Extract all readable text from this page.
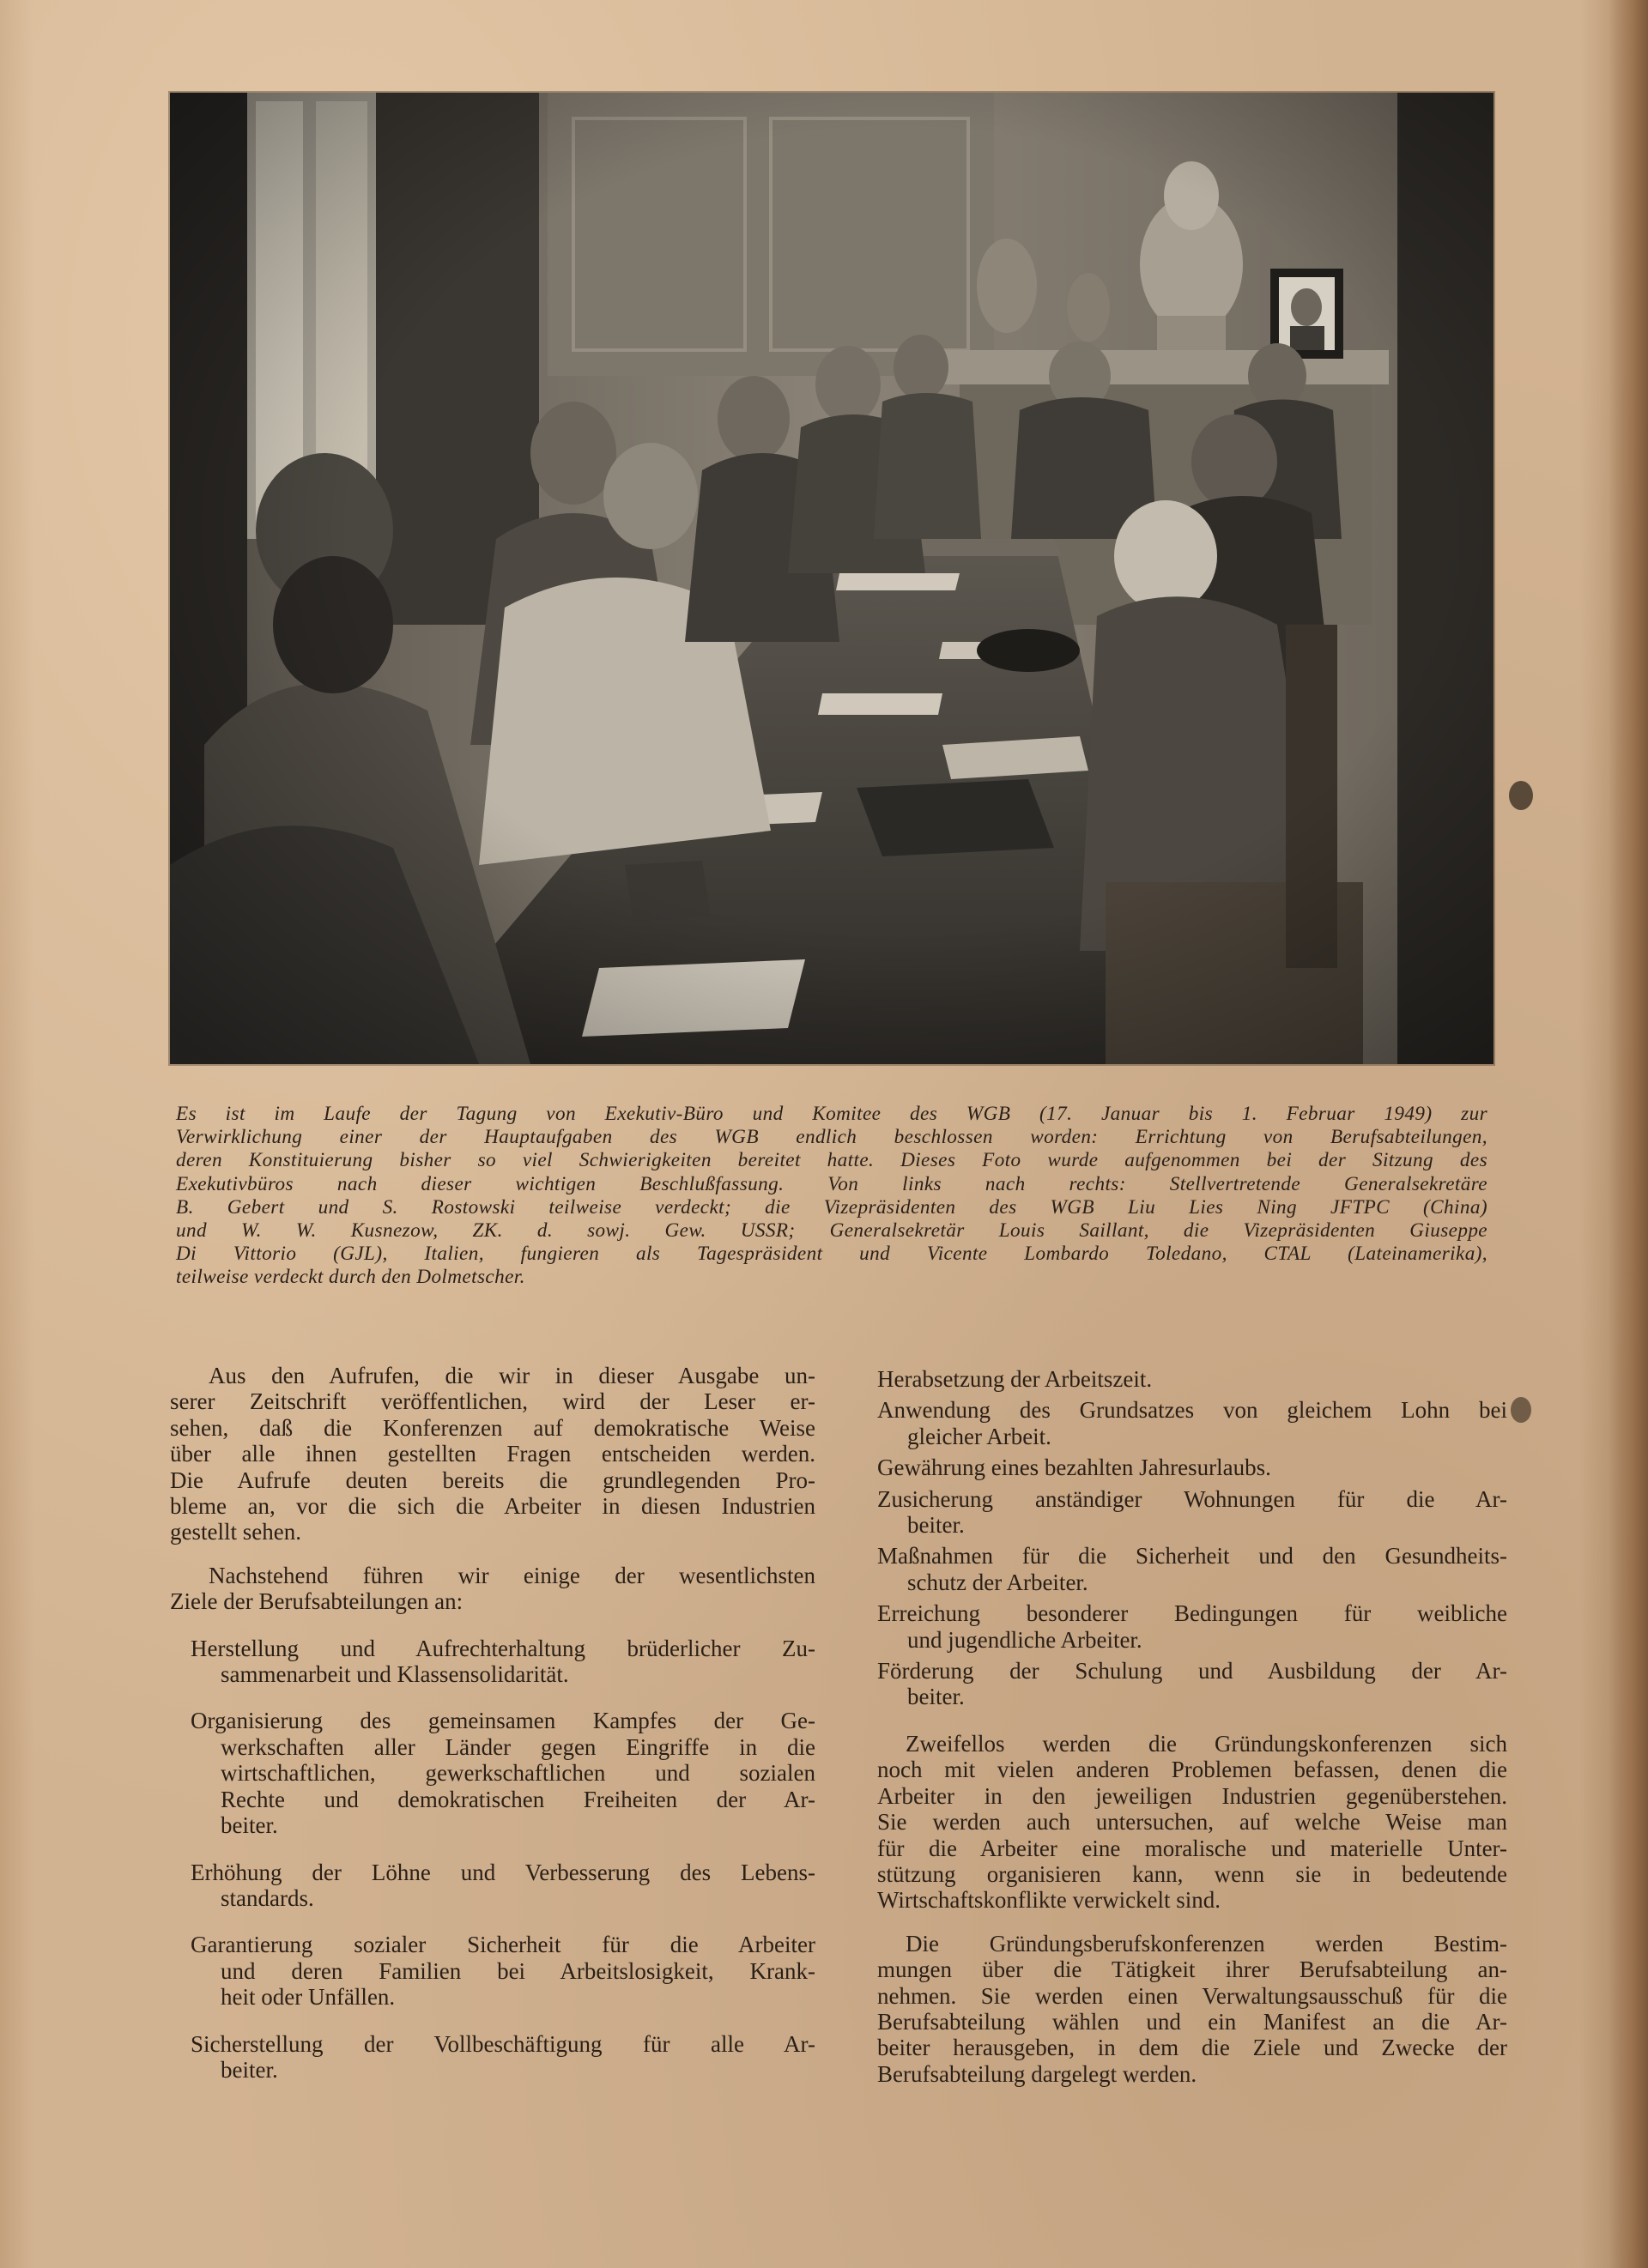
Es ist im Laufe der Tagung von Exekutiv-Büro und Komitee des WGB (17. Januar bis 1. Februar 1949) zur
Verwirklichung einer der Hauptaufgaben des WGB endlich beschlossen worden: Errichtung von Berufsabteilungen,
deren Konstituierung bisher so viel Schwierigkeiten bereitet hatte. Dieses Foto wurde aufgenommen bei der Sitzung des
Exekutivbüros nach dieser wichtigen Beschlußfassung. Von links nach rechts: Stellvertretende Generalsekretäre
B. Gebert und S. Rostowski teilweise verdeckt; die Vizepräsidenten des WGB Liu Lies Ning JFTPC (China)
und W. W. Kusnezow, ZK. d. sowj. Gew. USSR; Generalsekretär Louis Saillant, die Vizepräsidenten Giuseppe
Di Vittorio (GJL), Italien, fungieren als Tagespräsident und Vicente Lombardo Toledano, CTAL (Lateinamerika),
teilweise verdeckt durch den Dolmetscher.

Aus den Aufrufen, die wir in dieser Ausgabe un-
serer Zeitschrift veröffentlichen, wird der Leser er-
sehen, daß die Konferenzen auf demokratische Weise
über alle ihnen gestellten Fragen entscheiden werden.
Die Aufrufe deuten bereits die grundlegenden Pro-
bleme an, vor die sich die Arbeiter in diesen Industrien
gestellt sehen.

Nachstehend führen wir einige der wesentlichsten
Ziele der Berufsabteilungen an:

Herstellung und Aufrechterhaltung brüderlicher Zu-
sammenarbeit und Klassensolidarität.

Organisierung des gemeinsamen Kampfes der Ge-
werkschaften aller Länder gegen Eingriffe in die
wirtschaftlichen, gewerkschaftlichen und sozialen
Rechte und demokratischen Freiheiten der Ar-
beiter.

Erhöhung der Löhne und Verbesserung des Lebens-
standards.

Garantierung sozialer Sicherheit für die Arbeiter
und deren Familien bei Arbeitslosigkeit, Krank-
heit oder Unfällen.

Sicherstellung der Vollbeschäftigung für alle Ar-
beiter.

Herabsetzung der Arbeitszeit.

Anwendung des Grundsatzes von gleichem Lohn bei
gleicher Arbeit.

Gewährung eines bezahlten Jahresurlaubs.

Zusicherung anständiger Wohnungen für die Ar-
beiter.

Maßnahmen für die Sicherheit und den Gesundheits-
schutz der Arbeiter.

Erreichung besonderer Bedingungen für weibliche
und jugendliche Arbeiter.

Förderung der Schulung und Ausbildung der Ar-
beiter.

Zweifellos werden die Gründungskonferenzen sich
noch mit vielen anderen Problemen befassen, denen die
Arbeiter in den jeweiligen Industrien gegenüberstehen.
Sie werden auch untersuchen, auf welche Weise man
für die Arbeiter eine moralische und materielle Unter-
stützung organisieren kann, wenn sie in bedeutende
Wirtschaftskonflikte verwickelt sind.

Die Gründungsberufskonferenzen werden Bestim-
mungen über die Tätigkeit ihrer Berufsabteilung an-
nehmen. Sie werden einen Verwaltungsausschuß für die
Berufsabteilung wählen und ein Manifest an die Ar-
beiter herausgeben, in dem die Ziele und Zwecke der
Berufsabteilung dargelegt werden.
